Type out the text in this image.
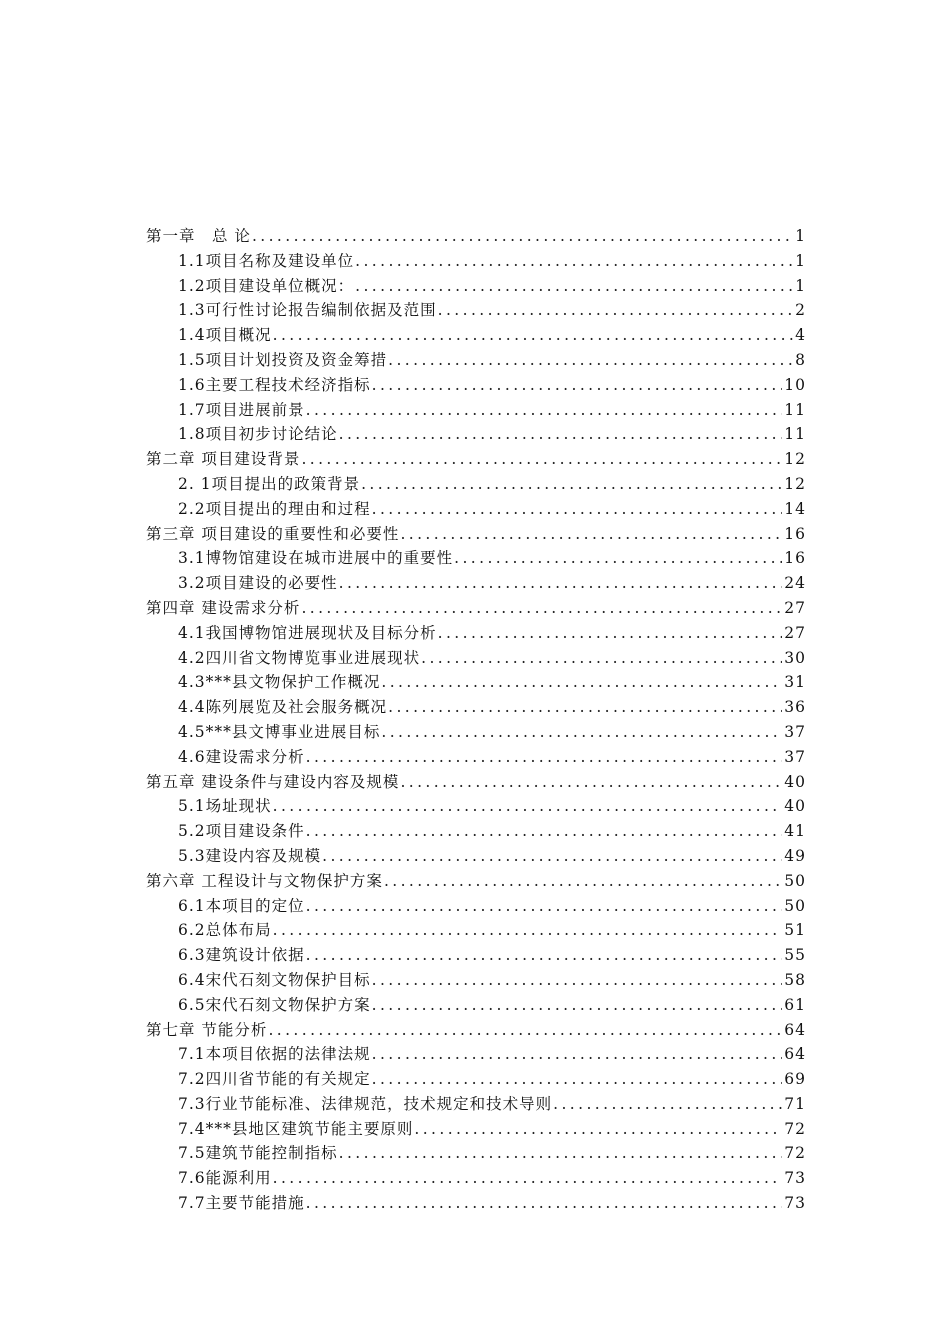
第一章　总 论 .....	1
1.1项目名称及建设单位 .....	1
1.2项目建设单位概况： .....	1
1.3可行性讨论报告编制依据及范围 .....	2
1.4项目概况 .....	4
1.5项目计划投资及资金筹措 .....	8
1.6主要工程技术经济指标 .....	10
1.7项目进展前景 .....	11
1.8项目初步讨论结论 .....	11
第二章 项目建设背景 .....	12
2. 1项目提出的政策背景 .....	12
2.2项目提出的理由和过程 .....	14
第三章 项目建设的重要性和必要性 .....	16
3.1博物馆建设在城市进展中的重要性 .....	16
3.2项目建设的必要性 .....	24
第四章 建设需求分析 .....	27
4.1我国博物馆进展现状及目标分析 .....	27
4.2四川省文物博览事业进展现状 .....	30
4.3***县文物保护工作概况 .....	31
4.4陈列展览及社会服务概况 .....	36
4.5***县文博事业进展目标 .....	37
4.6建设需求分析 .....	37
第五章 建设条件与建设内容及规模 .....	40
5.1场址现状 .....	40
5.2项目建设条件 .....	41
5.3建设内容及规模 .....	49
第六章 工程设计与文物保护方案 .....	50
6.1本项目的定位 .....	50
6.2总体布局 .....	51
6.3建筑设计依据 .....	55
6.4宋代石刻文物保护目标 .....	58
6.5宋代石刻文物保护方案 .....	61
第七章 节能分析 .....	64
7.1本项目依据的法律法规 .....	64
7.2四川省节能的有关规定 .....	69
7.3行业节能标准、法律规范，技术规定和技术导则 .....	71
7.4***县地区建筑节能主要原则 .....	72
7.5建筑节能控制指标 .....	72
7.6能源利用 .....	73
7.7主要节能措施 .....	73
